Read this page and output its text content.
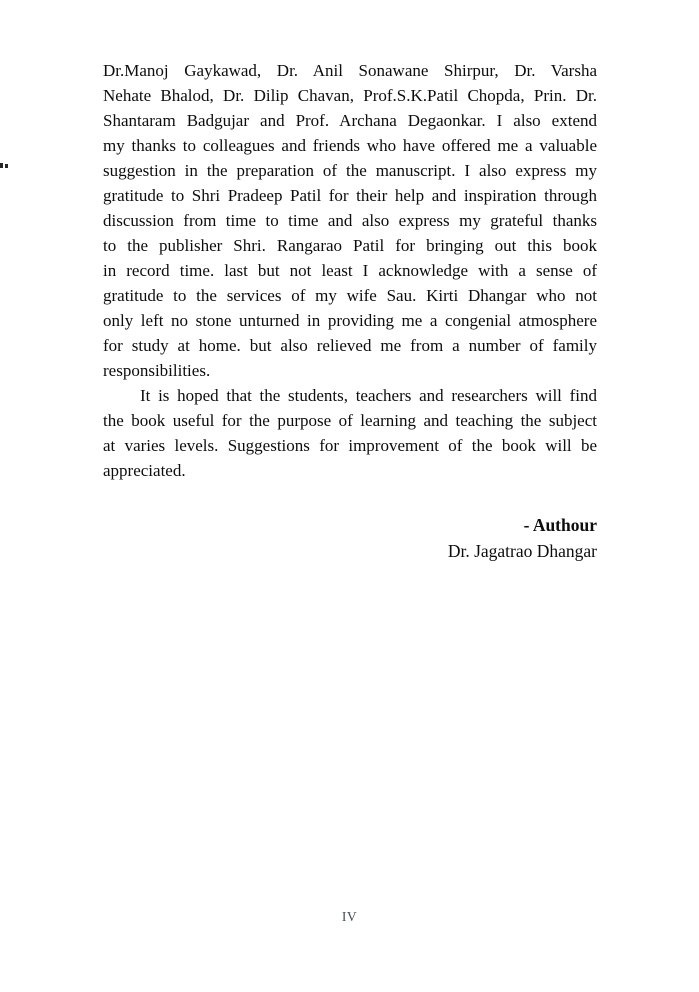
Dr.Manoj Gaykawad, Dr. Anil Sonawane Shirpur, Dr. Varsha
Nehate Bhalod, Dr. Dilip Chavan, Prof.S.K.Patil Chopda, Prin. Dr.
Shantaram Badgujar and Prof. Archana Degaonkar. I also extend
my thanks to colleagues and friends who have offered me a valuable
suggestion in the preparation of the manuscript. I also express my
gratitude to Shri Pradeep Patil for their help and inspiration through
discussion from time to time and also express my grateful thanks
to the publisher Shri. Rangarao Patil for bringing out this book
in record time. last but not least I acknowledge with a sense of
gratitude to the services of my wife Sau. Kirti Dhangar who not
only left no stone unturned in providing me a congenial atmosphere
for study at home. but also relieved me from a number of family
responsibilities.
It is hoped that the students, teachers and researchers will find
the book useful for the purpose of learning and teaching the subject
at varies levels. Suggestions for improvement of the book will be
appreciated.
- Authour
Dr. Jagatrao Dhangar
IV
